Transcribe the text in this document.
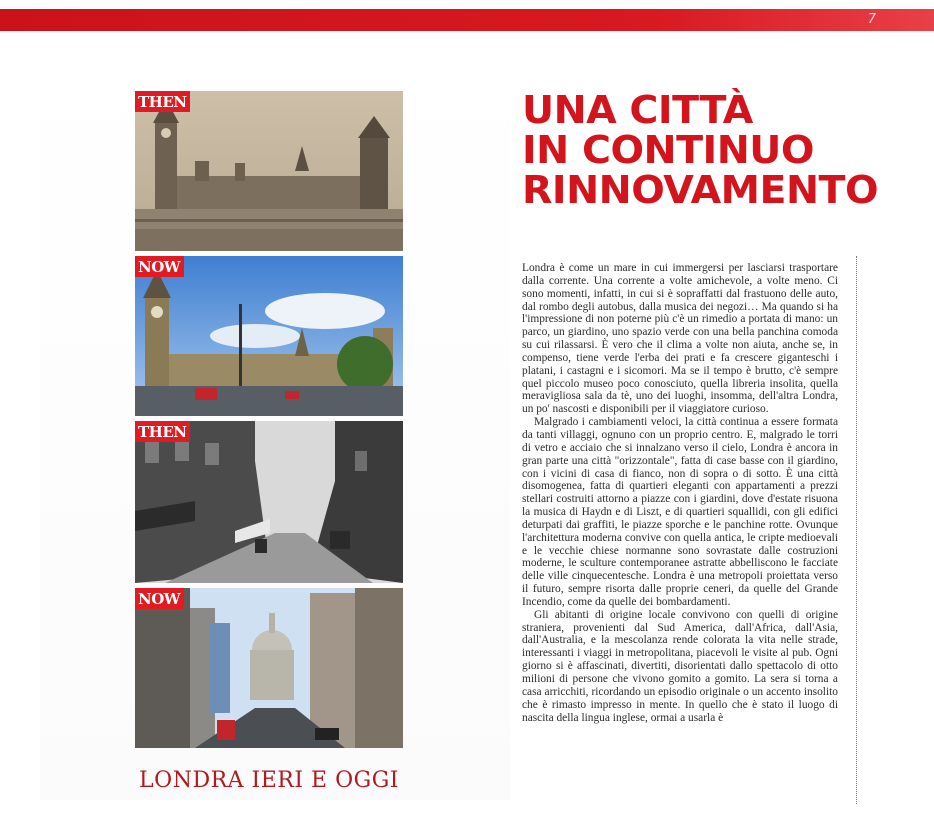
7
THEN
NOW
THEN
NOW
LONDRA IERI E OGGI
UNA CITTÀ
IN CONTINUO
RINNOVAMENTO

Londra è come un mare in cui immergersi per lasciarsi trasportare dalla corrente. Una corrente a volte amichevole, a volte meno. Ci sono momenti, infatti, in cui si è sopraffatti dal frastuono delle auto, dal rombo degli autobus, dalla musica dei negozi… Ma quando si ha l'impressione di non poterne più c'è un rimedio a portata di mano: un parco, un giardino, uno spazio verde con una bella panchina comoda su cui rilassarsi. È vero che il clima a volte non aiuta, anche se, in compenso, tiene verde l'erba dei prati e fa crescere giganteschi i platani, i castagni e i sicomori. Ma se il tempo è brutto, c'è sempre quel piccolo museo poco conosciuto, quella libreria insolita, quella meravigliosa sala da tè, uno dei luoghi, insomma, dell'altra Londra, un po' nascosti e disponibili per il viaggiatore curioso.

Malgrado i cambiamenti veloci, la città continua a essere formata da tanti villaggi, ognuno con un proprio centro. E, malgrado le torri di vetro e acciaio che si innalzano verso il cielo, Londra è ancora in gran parte una città "orizzontale", fatta di case basse con il giardino, con i vicini di casa di fianco, non di sopra o di sotto. È una città disomogenea, fatta di quartieri eleganti con appartamenti a prezzi stellari costruiti attorno a piazze con i giardini, dove d'estate risuona la musica di Haydn e di Liszt, e di quartieri squallidi, con gli edifici deturpati dai graffiti, le piazze sporche e le panchine rotte. Ovunque l'architettura moderna convive con quella antica, le cripte medioevali e le vecchie chiese normanne sono sovrastate dalle costruzioni moderne, le sculture contemporanee astratte abbelliscono le facciate delle ville cinquecentesche. Londra è una metropoli proiettata verso il futuro, sempre risorta dalle proprie ceneri, da quelle del Grande Incendio, come da quelle dei bombardamenti.

Gli abitanti di origine locale convivono con quelli di origine straniera, provenienti dal Sud America, dall'Africa, dall'Asia, dall'Australia, e la mescolanza rende colorata la vita nelle strade, interessanti i viaggi in metropolitana, piacevoli le visite al pub. Ogni giorno si è affascinati, divertiti, disorientati dallo spettacolo di otto milioni di persone che vivono gomito a gomito. La sera si torna a casa arricchiti, ricordando un episodio originale o un accento insolito che è rimasto impresso in mente. In quello che è stato il luogo di nascita della lingua inglese, ormai a usarla è
